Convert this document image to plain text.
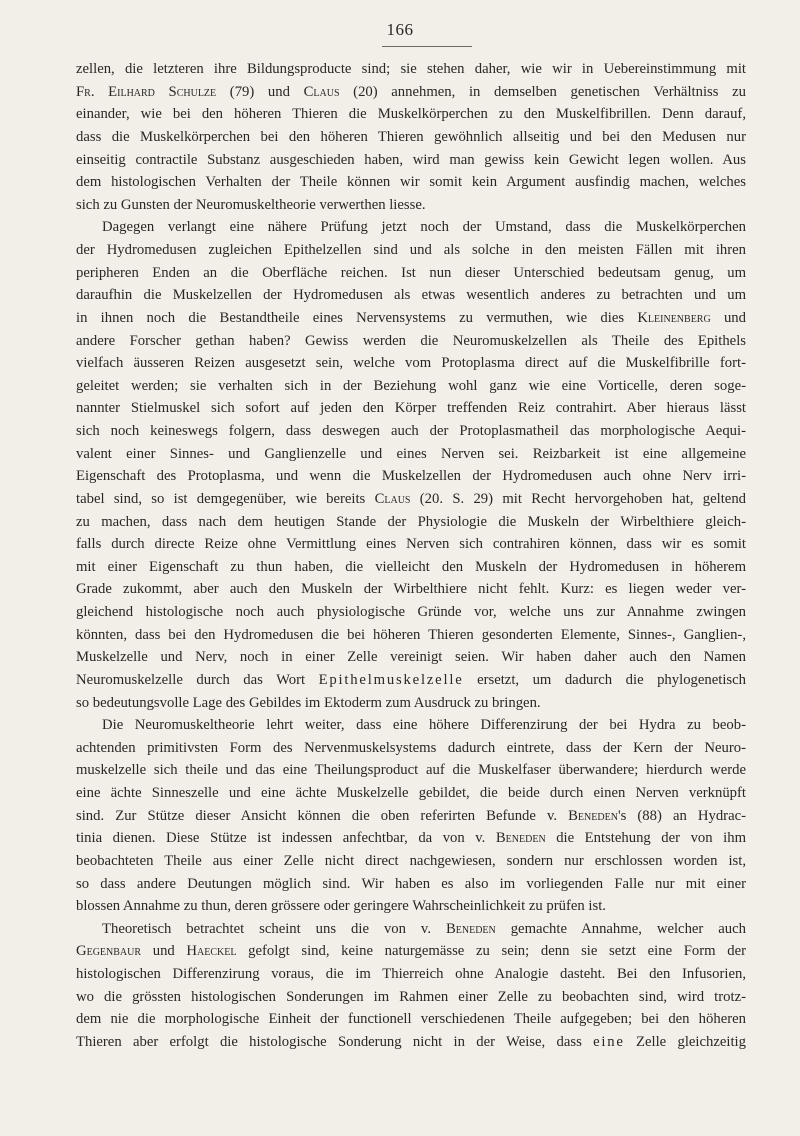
166
zellen, die letzteren ihre Bildungsproducte sind; sie stehen daher, wie wir in Uebereinstimmung mit
Fr. Eilhard Schulze (79) und Claus (20) annehmen, in demselben genetischen Verhältniss zu
einander, wie bei den höheren Thieren die Muskelkörperchen zu den Muskelfibrillen. Denn darauf,
dass die Muskelkörperchen bei den höheren Thieren gewöhnlich allseitig und bei den Medusen nur
einseitig contractile Substanz ausgeschieden haben, wird man gewiss kein Gewicht legen wollen. Aus
dem histologischen Verhalten der Theile können wir somit kein Argument ausfindig machen, welches
sich zu Gunsten der Neuromuskeltheorie verwerthen liesse.
Dagegen verlangt eine nähere Prüfung jetzt noch der Umstand, dass die Muskelkörperchen
der Hydromedusen zugleichen Epithelzellen sind und als solche in den meisten Fällen mit ihren
peripheren Enden an die Oberfläche reichen. Ist nun dieser Unterschied bedeutsam genug, um
daraufhin die Muskelzellen der Hydromedusen als etwas wesentlich anderes zu betrachten und um
in ihnen noch die Bestandtheile eines Nervensystems zu vermuthen, wie dies Kleinenberg und
andere Forscher gethan haben? Gewiss werden die Neuromuskelzellen als Theile des Epithels
vielfach äusseren Reizen ausgesetzt sein, welche vom Protoplasma direct auf die Muskelfibrille fort-
geleitet werden; sie verhalten sich in der Beziehung wohl ganz wie eine Vorticelle, deren soge-
nannter Stielmuskel sich sofort auf jeden den Körper treffenden Reiz contrahirt. Aber hieraus lässt
sich noch keineswegs folgern, dass deswegen auch der Protoplasmatheil das morphologische Aequi-
valent einer Sinnes- und Ganglienzelle und eines Nerven sei. Reizbarkeit ist eine allgemeine
Eigenschaft des Protoplasma, und wenn die Muskelzellen der Hydromedusen auch ohne Nerv irri-
tabel sind, so ist demgegenüber, wie bereits Claus (20. S. 29) mit Recht hervorgehoben hat, geltend
zu machen, dass nach dem heutigen Stande der Physiologie die Muskeln der Wirbelthiere gleich-
falls durch directe Reize ohne Vermittlung eines Nerven sich contrahiren können, dass wir es somit
mit einer Eigenschaft zu thun haben, die vielleicht den Muskeln der Hydromedusen in höherem
Grade zukommt, aber auch den Muskeln der Wirbelthiere nicht fehlt. Kurz: es liegen weder ver-
gleichend histologische noch auch physiologische Gründe vor, welche uns zur Annahme zwingen
könnten, dass bei den Hydromedusen die bei höheren Thieren gesonderten Elemente, Sinnes-, Ganglien-,
Muskelzelle und Nerv, noch in einer Zelle vereinigt seien. Wir haben daher auch den Namen
Neuromuskelzelle durch das Wort Epithelmuskelzelle ersetzt, um dadurch die phylogenetisch
so bedeutungsvolle Lage des Gebildes im Ektoderm zum Ausdruck zu bringen.
Die Neuromuskeltheorie lehrt weiter, dass eine höhere Differenzirung der bei Hydra zu beob-
achtenden primitivsten Form des Nervenmuskelsystems dadurch eintrete, dass der Kern der Neuro-
muskelzelle sich theile und das eine Theilungsproduct auf die Muskelfaser überwandere; hierdurch werde
eine ächte Sinneszelle und eine ächte Muskelzelle gebildet, die beide durch einen Nerven verknüpft
sind. Zur Stütze dieser Ansicht können die oben referirten Befunde v. Beneden's (88) an Hydrac-
tinia dienen. Diese Stütze ist indessen anfechtbar, da von v. Beneden die Entstehung der von ihm
beobachteten Theile aus einer Zelle nicht direct nachgewiesen, sondern nur erschlossen worden ist,
so dass andere Deutungen möglich sind. Wir haben es also im vorliegenden Falle nur mit einer
blossen Annahme zu thun, deren grössere oder geringere Wahrscheinlichkeit zu prüfen ist.
Theoretisch betrachtet scheint uns die von v. Beneden gemachte Annahme, welcher auch
Gegenbaur und Haeckel gefolgt sind, keine naturgemässe zu sein; denn sie setzt eine Form der
histologischen Differenzirung voraus, die im Thierreich ohne Analogie dasteht. Bei den Infusorien,
wo die grössten histologischen Sonderungen im Rahmen einer Zelle zu beobachten sind, wird trotz-
dem nie die morphologische Einheit der functionell verschiedenen Theile aufgegeben; bei den höheren
Thieren aber erfolgt die histologische Sonderung nicht in der Weise, dass eine Zelle gleichzeitig
